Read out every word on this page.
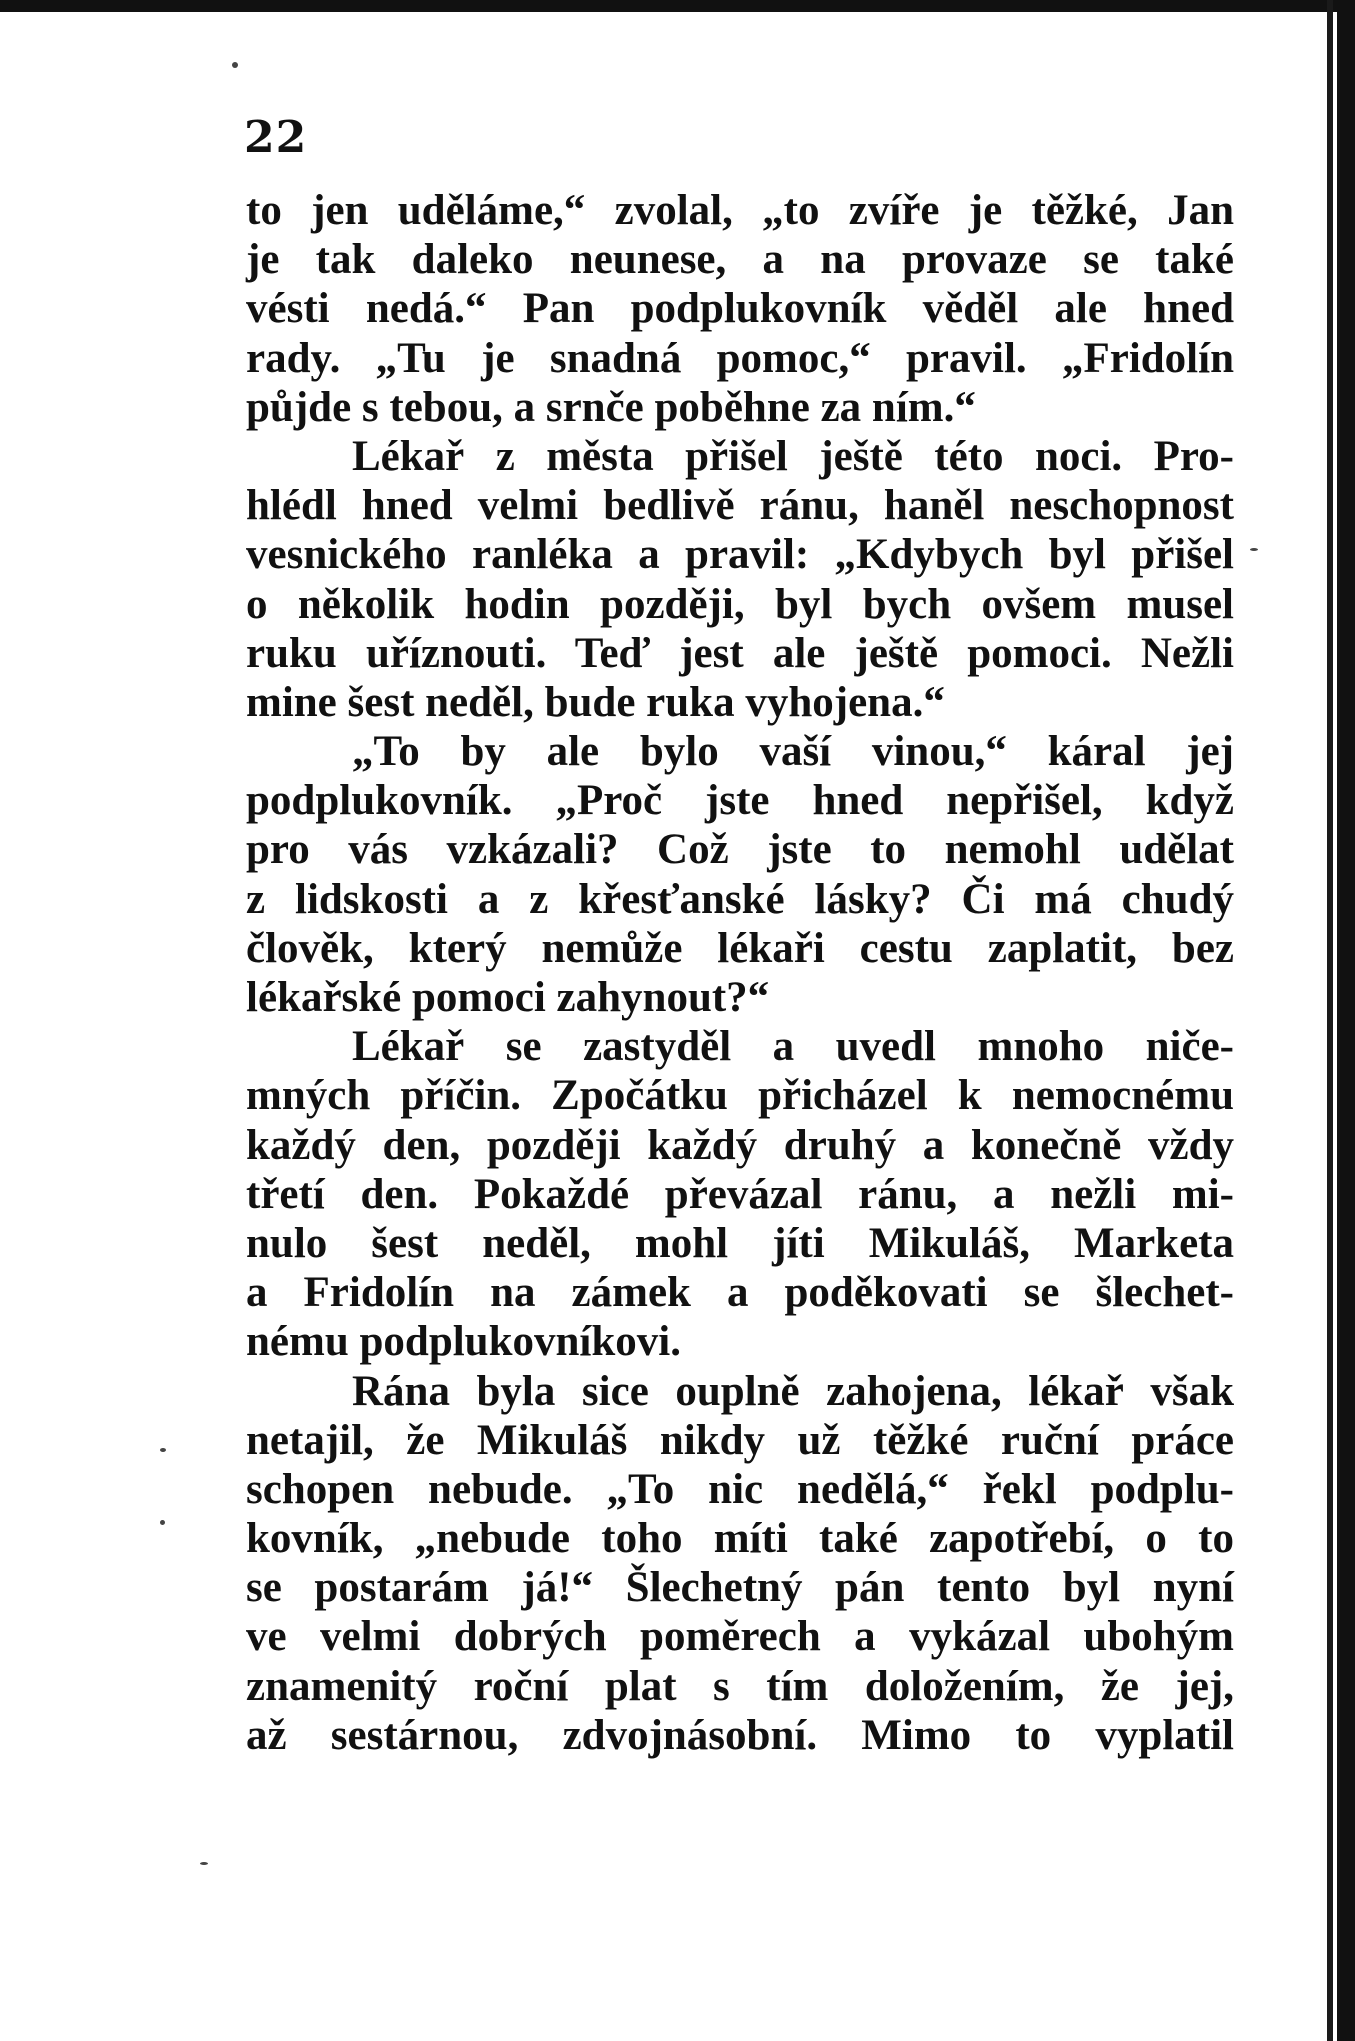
22
to jen uděláme,“ zvolal, „to zvíře je těžké, Jan
je tak daleko neunese, a na provaze se také
vésti nedá.“ Pan podplukovník věděl ale hned
rady. „Tu je snadná pomoc,“ pravil. „Fridolín
půjde s tebou, a srnče poběhne za ním.“
Lékař z města přišel ještě této noci. Pro-
hlédl hned velmi bedlivě ránu, haněl neschopnost
vesnického ranléka a pravil: „Kdybych byl přišel
o několik hodin později, byl bych ovšem musel
ruku uříznouti. Teď jest ale ještě pomoci. Nežli
mine šest neděl, bude ruka vyhojena.“
„To by ale bylo vaší vinou,“ káral jej
podplukovník. „Proč jste hned nepřišel, když
pro vás vzkázali? Což jste to nemohl udělat
z lidskosti a z křesťanské lásky? Či má chudý
člověk, který nemůže lékaři cestu zaplatit, bez
lékařské pomoci zahynout?“
Lékař se zastyděl a uvedl mnoho niče-
mných příčin. Zpočátku přicházel k nemocnému
každý den, později každý druhý a konečně vždy
třetí den. Pokaždé převázal ránu, a nežli mi-
nulo šest neděl, mohl jíti Mikuláš, Marketa
a Fridolín na zámek a poděkovati se šlechet-
nému podplukovníkovi.
Rána byla sice ouplně zahojena, lékař však
netajil, že Mikuláš nikdy už těžké ruční práce
schopen nebude. „To nic nedělá,“ řekl podplu-
kovník, „nebude toho míti také zapotřebí, o to
se postarám já!“ Šlechetný pán tento byl nyní
ve velmi dobrých poměrech a vykázal ubohým
znamenitý roční plat s tím doložením, že jej,
až sestárnou, zdvojnásobní. Mimo to vyplatil
